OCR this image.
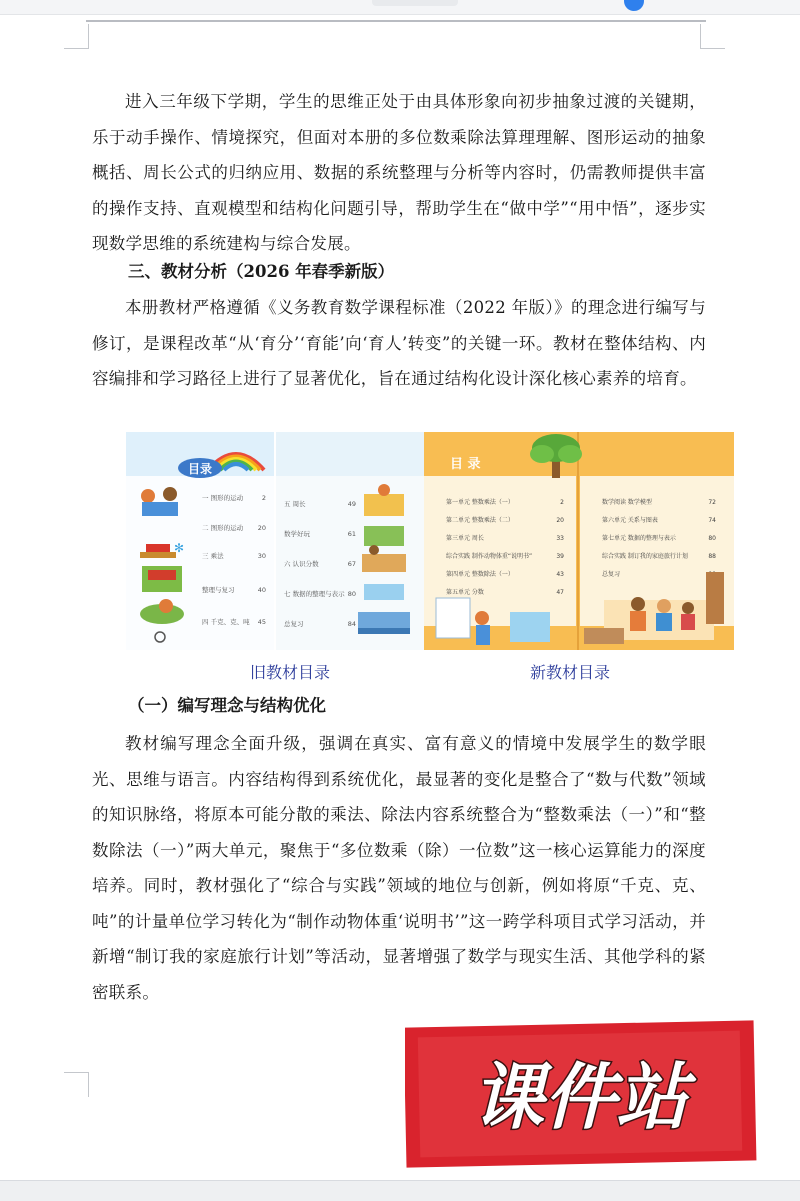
进入三年级下学期，学生的思维正处于由具体形象向初步抽象过渡的关键期，乐于动手操作、情境探究，但面对本册的多位数乘除法算理理解、图形运动的抽象概括、周长公式的归纳应用、数据的系统整理与分析等内容时，仍需教师提供丰富的操作支持、直观模型和结构化问题引导，帮助学生在“做中学”“用中悟”，逐步实现数学思维的系统建构与综合发展。

三、教材分析（2026 年春季新版）

本册教材严格遵循《义务教育数学课程标准（2022 年版）》的理念进行编写与修订，是课程改革“从‘育分’‘育能’向‘育人’转变”的关键一环。教材在整体结构、内容编排和学习路径上进行了显著优化，旨在通过结构化设计深化核心素养的培育。

目录
✻
一 图形的运动	2
二 图形的运动 20
三 乘法	30
整理与复习	40
四 千克、克、吨 45
五 周长	49
数学好玩	61
六 认识分数	67
七 数据的整理与表示 80
总复习	84
目 录
第一单元 整数乘法（一）	2
第二单元 整数乘法（二）	20
第三单元 周长	33
综合实践 制作动物体重“说明书”	39
第四单元 整数除法（一）	43
第五单元 分数	47
数学阅读 数学模型	72
第六单元 关系与图表	74
第七单元 数据的整理与表示	80
综合实践 制订我的家庭旅行计划	88
总复习
旧教材目录	新教材目录
（一）编写理念与结构优化

教材编写理念全面升级，强调在真实、富有意义的情境中发展学生的数学眼光、思维与语言。内容结构得到系统优化，最显著的变化是整合了“数与代数”领域的知识脉络，将原本可能分散的乘法、除法内容系统整合为“整数乘法（一）”和“整数除法（一）”两大单元，聚焦于“多位数乘（除）一位数”这一核心运算能力的深度培养。同时，教材强化了“综合与实践”领域的地位与创新，例如将原“千克、克、吨”的计量单位学习转化为“制作动物体重‘说明书’”这一跨学科项目式学习活动，并新增“制订我的家庭旅行计划”等活动，显著增强了数学与现实生活、其他学科的紧密联系。

课件站
